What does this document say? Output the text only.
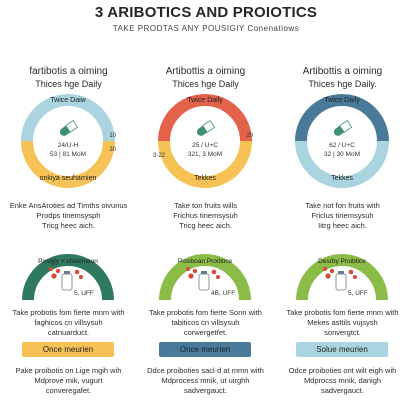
3 ARIBOTICS AND PROIOTICS
TAKE PRODTAS ANY POUSIGIY Conenatiows
fartibotis a oiming
Thices hge Daily
Twice Daiw
24/U-H
53 | 81 MoM
10
30
onkiya seuharnien
Enke AnsAroties ad Timths oivunus
Prodps tinemsysph
Tricg heec aich.
Posigly + shesimeon
5, UFF
Take probotis fom fierte mnm with
faghicos cn villsysuh
catnuarduct.
Once meurien
Pake proibotis on Lige mgih wih
Mdprove mik, vugurt
converegafet.
Artibottis a oiming
Thices hge Daily
Twice Daily
25 / U+C
321, 3 MoM
3·22
20
Tekkes
Take ton fruits wills
Frichus tinemsysuh
Tricg heec aich.
Posiboan Proibtice
4B, UFF
Take probotis fom fierte Sonn with
tabiticos cn villsysuh
corwergetfet.
Once meurien
Ddce proiboties sacl·d at mmn with
Mdprocess mnik, ut uirghh
sadvergauct.
Artibottis a oiming
Thices hge Daily.
Twice Daily
62 / U+C
32 | 30 MoM
Tekkes
Take not fon fruits with
Friclus tinemsysuh
Iitrg heec aich.
Desrby Proibtice
5, UFF
Take probotis fom fierte mnm with
Mekes asttils vujsysh
sonvergtct.
Solue meurien
Odce proiboties ont wilt eigh wih
Mdprocss mnik, danigh
sadvergauct.
